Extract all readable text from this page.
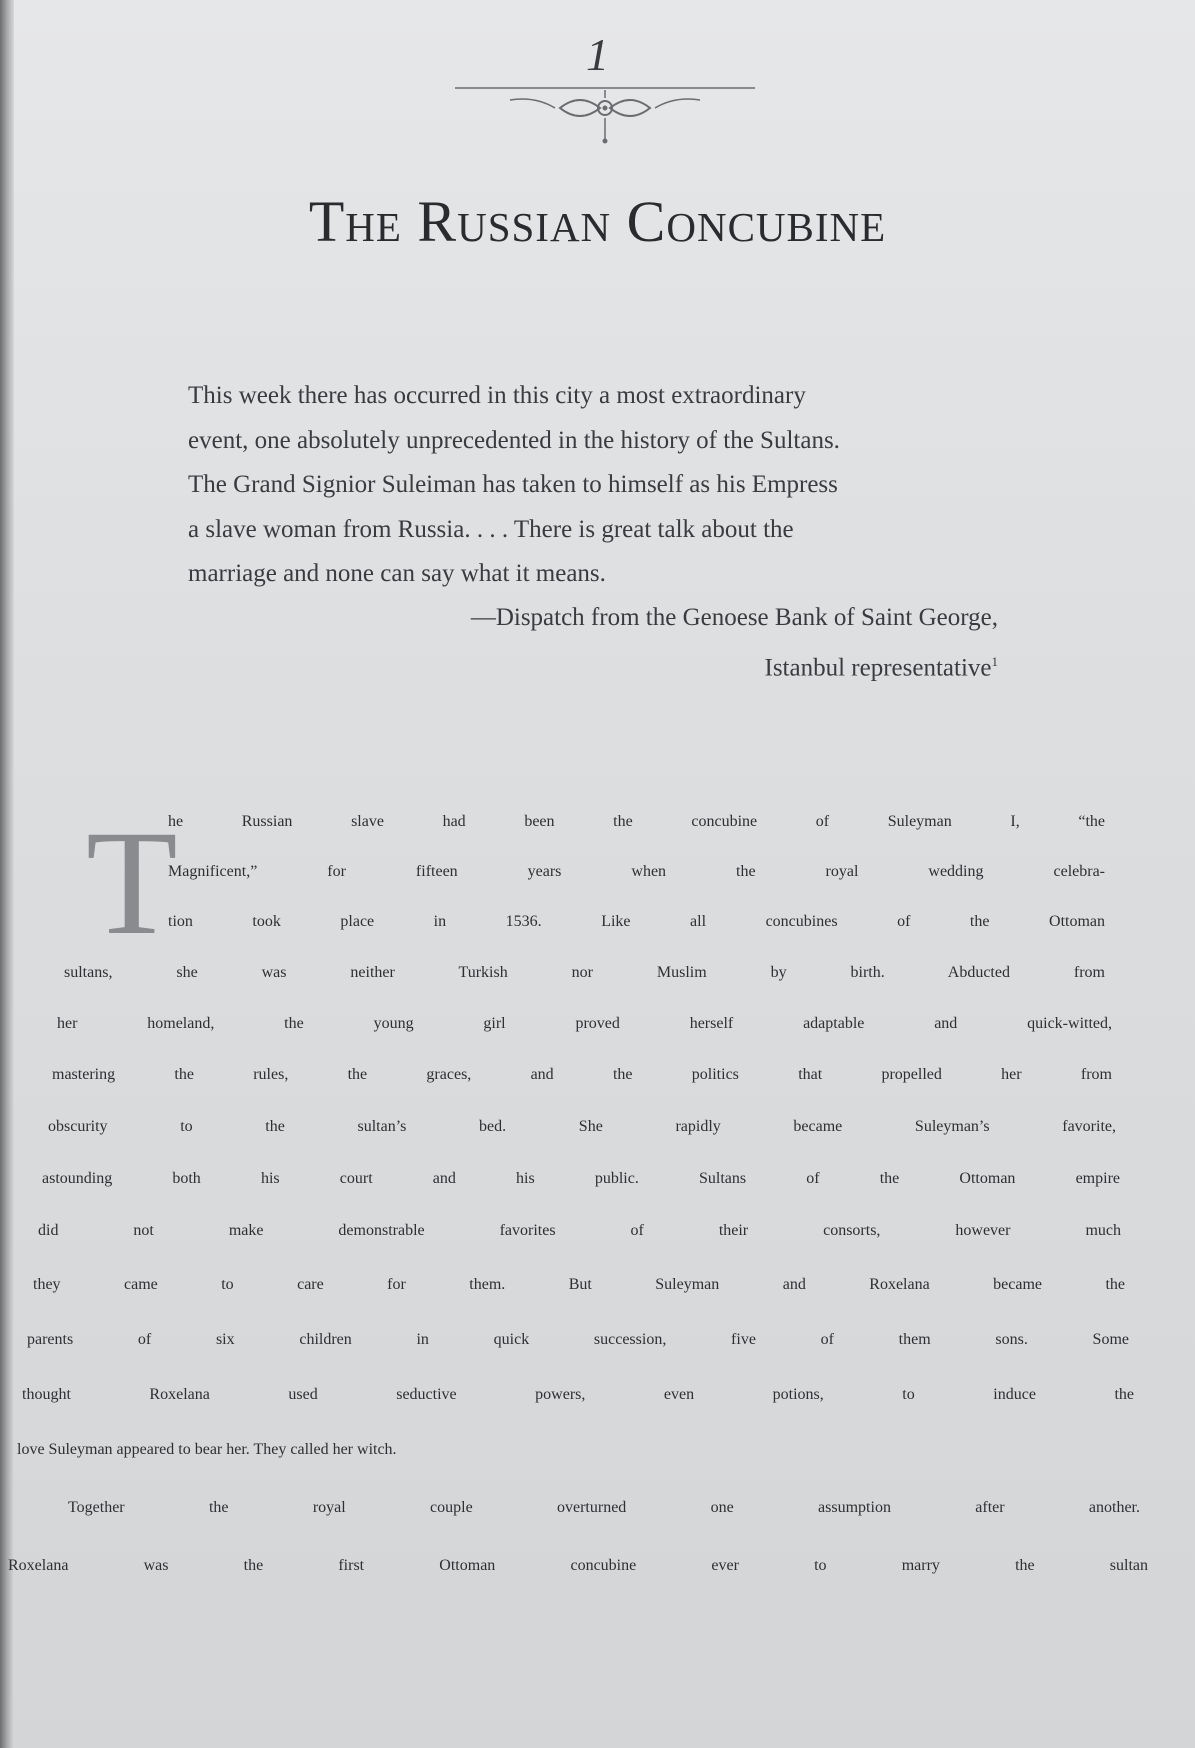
1
The Russian Concubine
This week there has occurred in this city a most extraordinary
event, one absolutely unprecedented in the history of the Sultans.
The Grand Signior Suleiman has taken to himself as his Empress
a slave woman from Russia. . . . There is great talk about the
marriage and none can say what it means.
—Dispatch from the Genoese Bank of Saint George,
Istanbul representative$^1$
T
he Russian slave had been the concubine of Suleyman I, “the
Magnificent,” for fifteen years when the royal wedding celebra-
tion took place in 1536. Like all concubines of the Ottoman
sultans, she was neither Turkish nor Muslim by birth. Abducted from
her homeland, the young girl proved herself adaptable and quick-witted,
mastering the rules, the graces, and the politics that propelled her from
obscurity to the sultan’s bed. She rapidly became Suleyman’s favorite,
astounding both his court and his public. Sultans of the Ottoman empire
did not make demonstrable favorites of their consorts, however much
they came to care for them. But Suleyman and Roxelana became the
parents of six children in quick succession, five of them sons. Some
thought Roxelana used seductive powers, even potions, to induce the
love Suleyman appeared to bear her. They called her witch.
Together the royal couple overturned one assumption after another.
Roxelana was the first Ottoman concubine ever to marry the sultan
